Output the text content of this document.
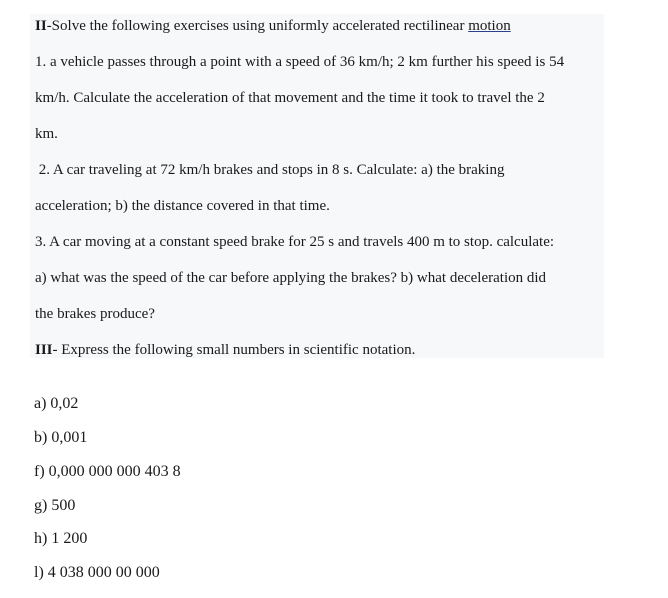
II-Solve the following exercises using uniformly accelerated rectilinear motion
1. a vehicle passes through a point with a speed of 36 km/h; 2 km further his speed is 54
km/h. Calculate the acceleration of that movement and the time it took to travel the 2
km.
2. A car traveling at 72 km/h brakes and stops in 8 s. Calculate: a) the braking
acceleration; b) the distance covered in that time.
3. A car moving at a constant speed brake for 25 s and travels 400 m to stop. calculate:
a) what was the speed of the car before applying the brakes? b) what deceleration did
the brakes produce?
III- Express the following small numbers in scientific notation.
a) 0,02
b) 0,001
f) 0,000 000 000 403 8
g) 500
h) 1 200
l) 4 038 000 00 000
